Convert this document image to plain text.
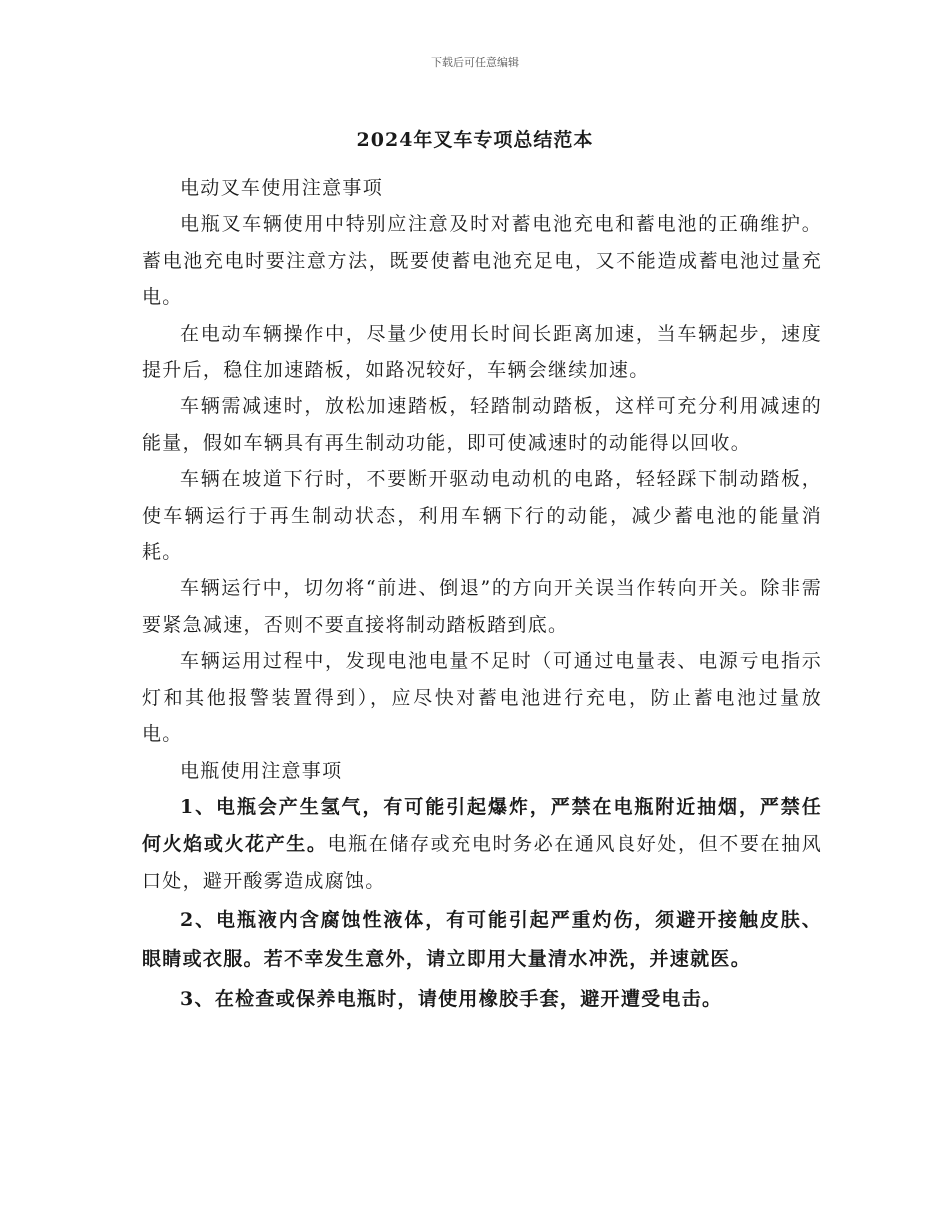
下载后可任意编辑
2024年叉车专项总结范本

电动叉车使用注意事项

电瓶叉车辆使用中特别应注意及时对蓄电池充电和蓄电池的正确维护。蓄电池充电时要注意方法，既要使蓄电池充足电，又不能造成蓄电池过量充电。

在电动车辆操作中，尽量少使用长时间长距离加速，当车辆起步，速度提升后，稳住加速踏板，如路况较好，车辆会继续加速。

车辆需减速时，放松加速踏板，轻踏制动踏板，这样可充分利用减速的能量，假如车辆具有再生制动功能，即可使减速时的动能得以回收。

车辆在坡道下行时，不要断开驱动电动机的电路，轻轻踩下制动踏板，使车辆运行于再生制动状态，利用车辆下行的动能，减少蓄电池的能量消耗。

车辆运行中，切勿将“前进、倒退”的方向开关误当作转向开关。除非需要紧急减速，否则不要直接将制动踏板踏到底。

车辆运用过程中，发现电池电量不足时（可通过电量表、电源亏电指示灯和其他报警装置得到），应尽快对蓄电池进行充电，防止蓄电池过量放电。

电瓶使用注意事项

1、电瓶会产生氢气，有可能引起爆炸，严禁在电瓶附近抽烟，严禁任何火焰或火花产生。电瓶在储存或充电时务必在通风良好处，但不要在抽风口处，避开酸雾造成腐蚀。

2、电瓶液内含腐蚀性液体，有可能引起严重灼伤，须避开接触皮肤、眼睛或衣服。若不幸发生意外，请立即用大量清水冲洗，并速就医。

3、在检查或保养电瓶时，请使用橡胶手套，避开遭受电击。
